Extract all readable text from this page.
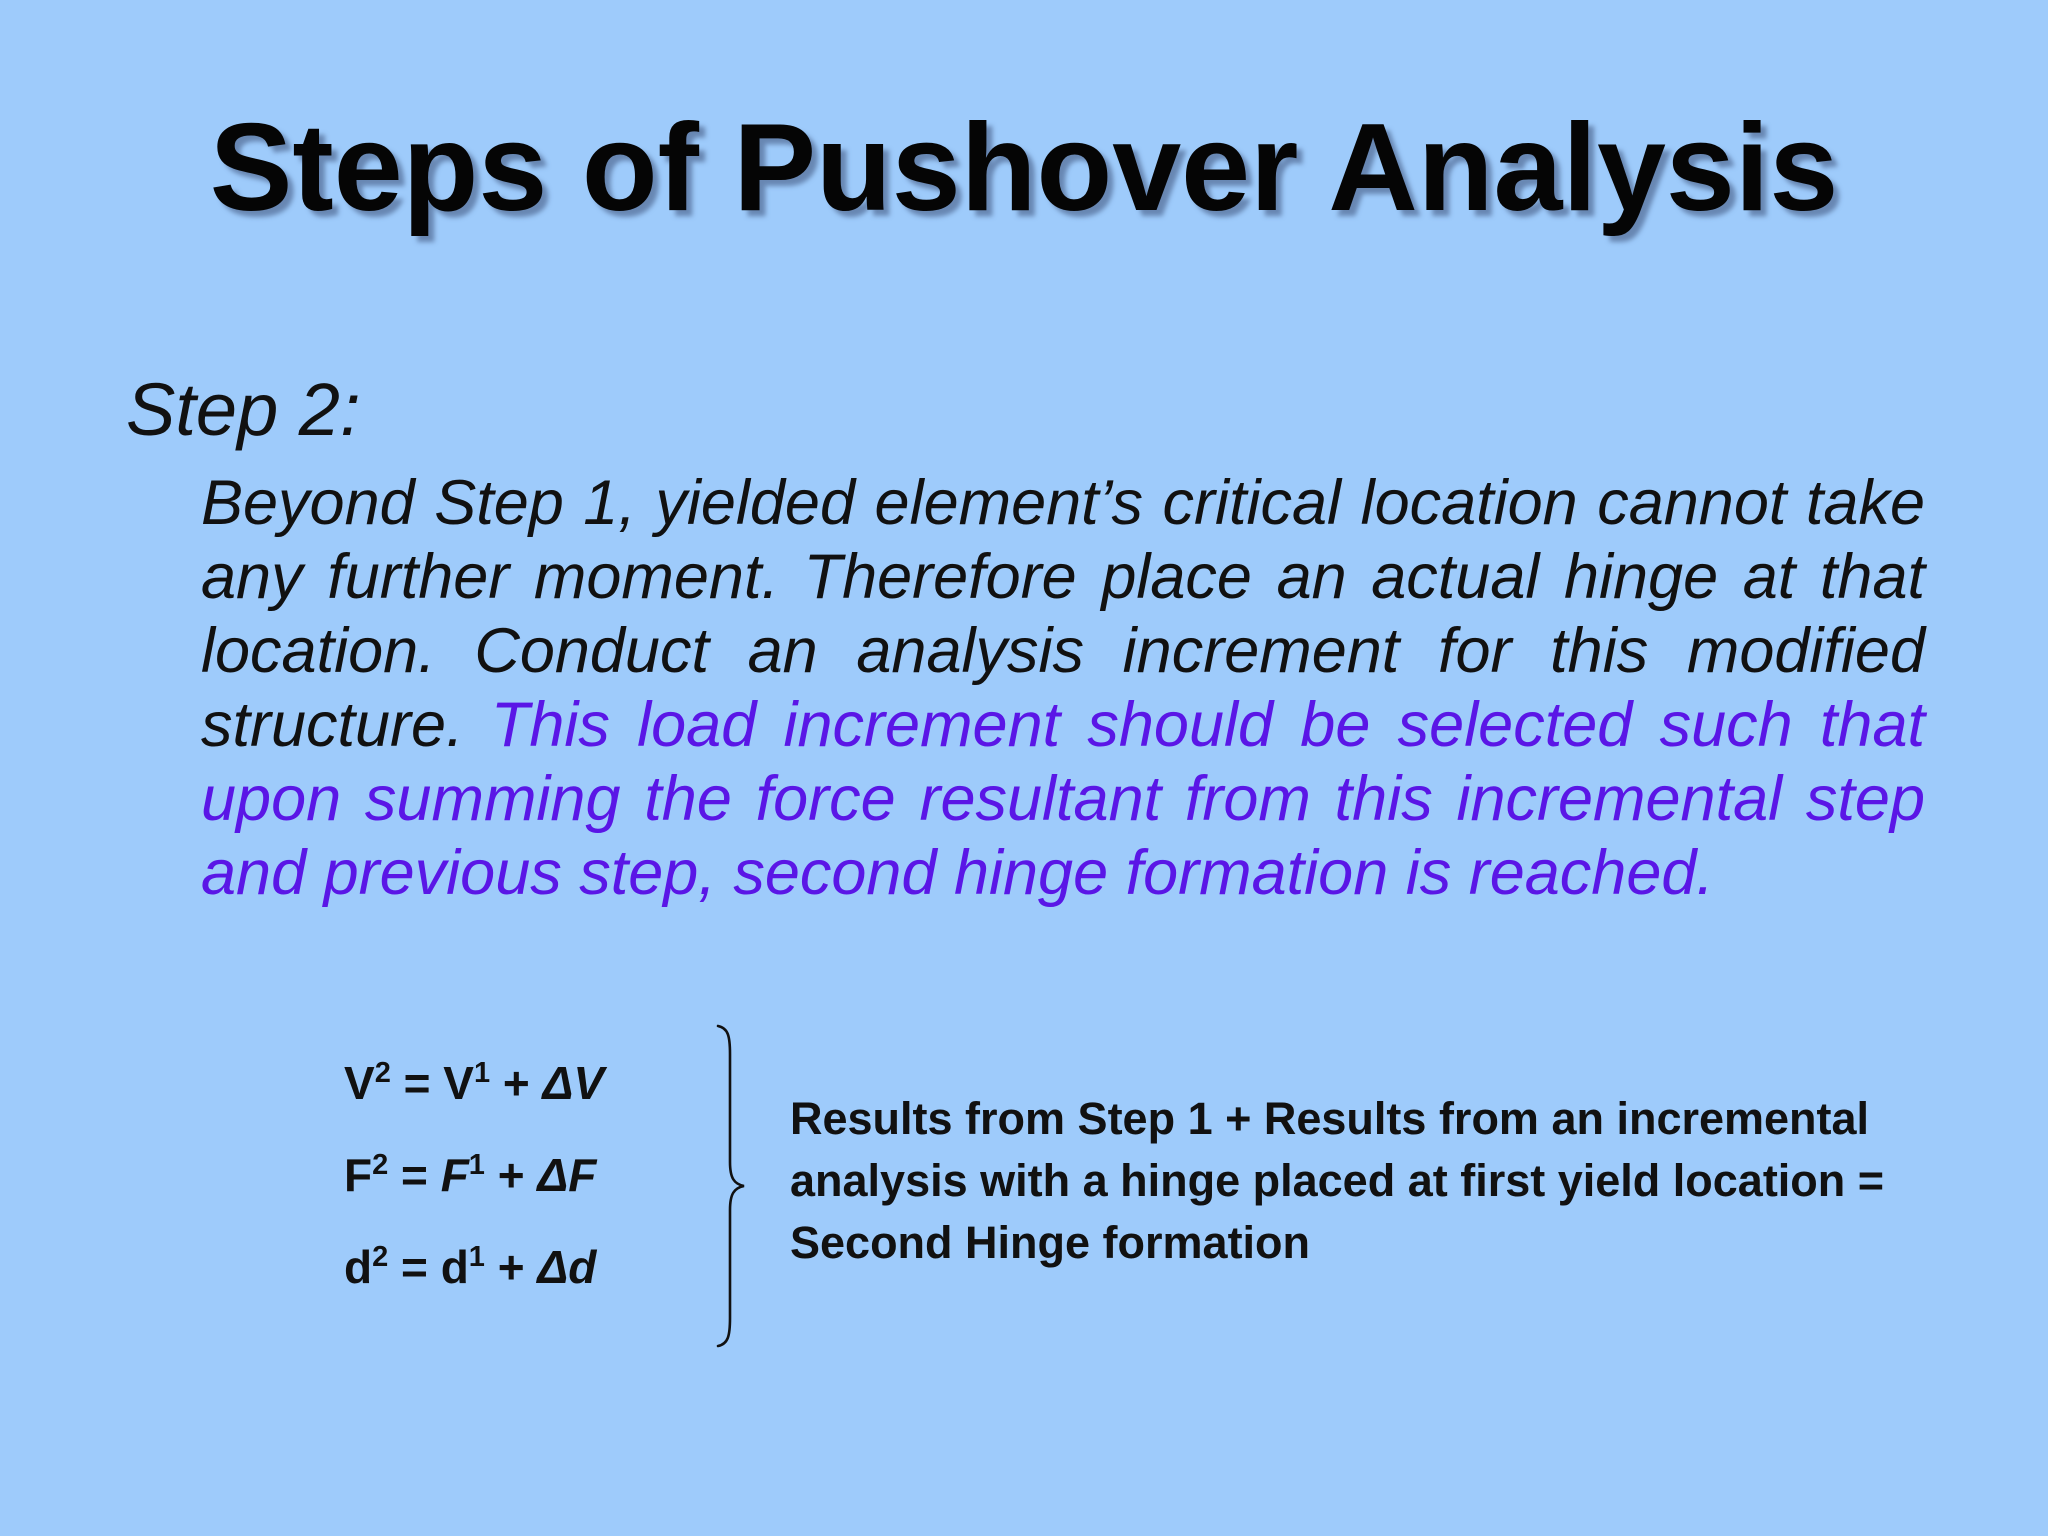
Steps of Pushover Analysis

Step 2:

Beyond Step 1, yielded element’s critical location cannot take any further moment. Therefore place an actual hinge at that location. Conduct an analysis increment for this modified structure. This load increment should be selected such that upon summing the force resultant from this incremental step and previous step, second hinge formation is reached.

$V^2 = V^1 + \Delta V$
$F^2 = F^1 + \Delta F$
$d^2 = d^1 + \Delta d$

Results from Step 1 + Results from an incremental analysis with a hinge placed at first yield location = Second Hinge formation
